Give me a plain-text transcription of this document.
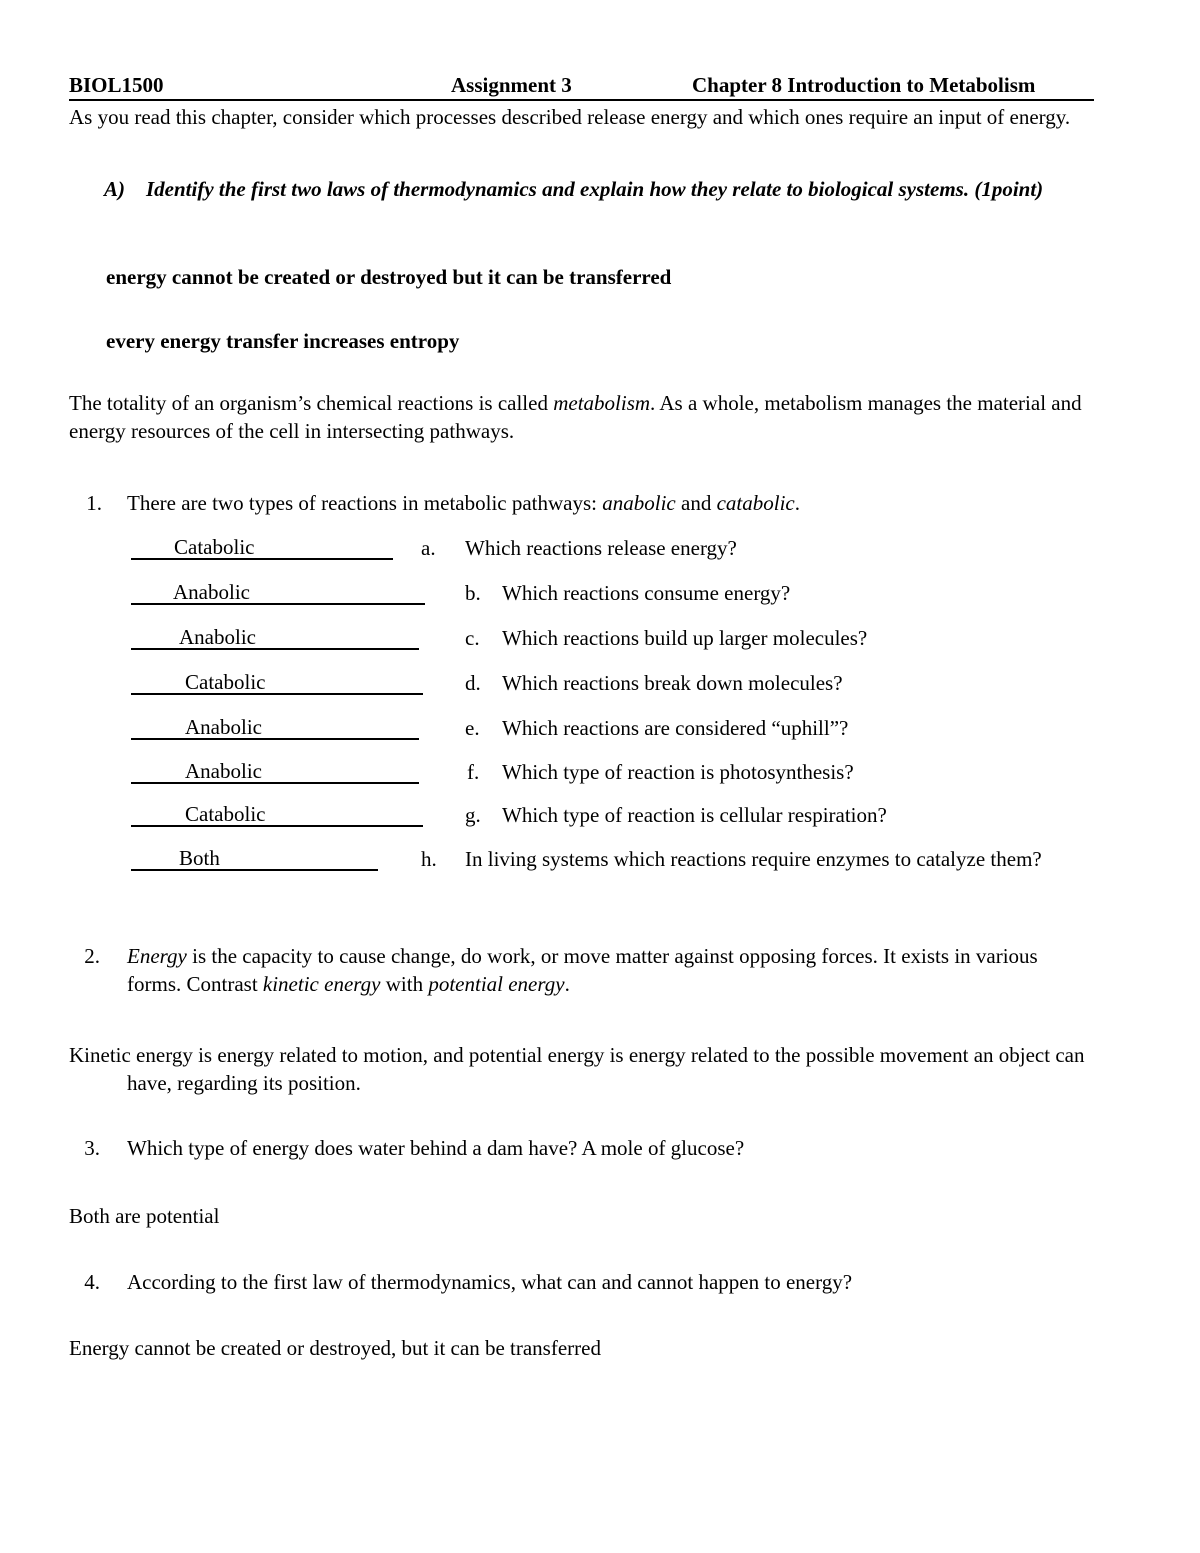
BIOL1500	Assignment 3	Chapter 8 Introduction to Metabolism
As you read this chapter, consider which processes described release energy and which ones require an input of energy.
A) Identify the first two laws of thermodynamics and explain how they relate to biological systems. (1point)
energy cannot be created or destroyed but it can be transferred
every energy transfer increases entropy
The totality of an organism’s chemical reactions is called metabolism. As a whole, metabolism manages the material and energy resources of the cell in intersecting pathways.
1. There are two types of reactions in metabolic pathways: anabolic and catabolic.
Catabolic	a. Which reactions release energy?
Anabolic	b. Which reactions consume energy?
Anabolic	c. Which reactions build up larger molecules?
Catabolic	d. Which reactions break down molecules?
Anabolic	e. Which reactions are considered “uphill”?
Anabolic	f. Which type of reaction is photosynthesis?
Catabolic	g. Which type of reaction is cellular respiration?
Both	h. In living systems which reactions require enzymes to catalyze them?
2. Energy is the capacity to cause change, do work, or move matter against opposing forces. It exists in various forms. Contrast kinetic energy with potential energy.
Kinetic energy is energy related to motion, and potential energy is energy related to the possible movement an object can have, regarding its position.
3. Which type of energy does water behind a dam have? A mole of glucose?
Both are potential
4. According to the first law of thermodynamics, what can and cannot happen to energy?
Energy cannot be created or destroyed, but it can be transferred
